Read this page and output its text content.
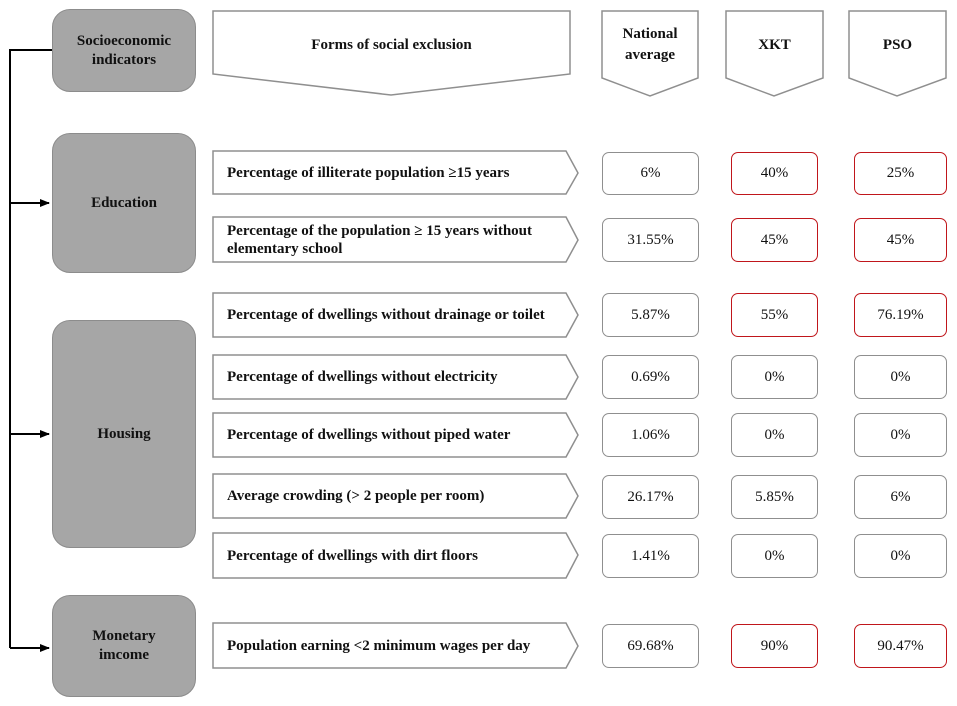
Socioeconomic indicators
Education
Housing
Monetary imcome
Forms of social exclusion
National average
XKT	PSO
Percentage of illiterate population ≥15 years
Percentage of the population ≥ 15 years without elementary school
Percentage of dwellings without drainage or toilet
Percentage of dwellings without electricity
Percentage of dwellings without piped water
Average crowding (> 2 people per room)
Percentage of dwellings with dirt floors
Population earning <2 minimum wages per day
6%
31.55%
5.87%
0.69%
1.06%
26.17%
1.41%
69.68%
40%
45%
55%
0%
0%
5.85%
0%
90%
25%
45%
76.19%
0%
0%
6%
0%
90.47%
